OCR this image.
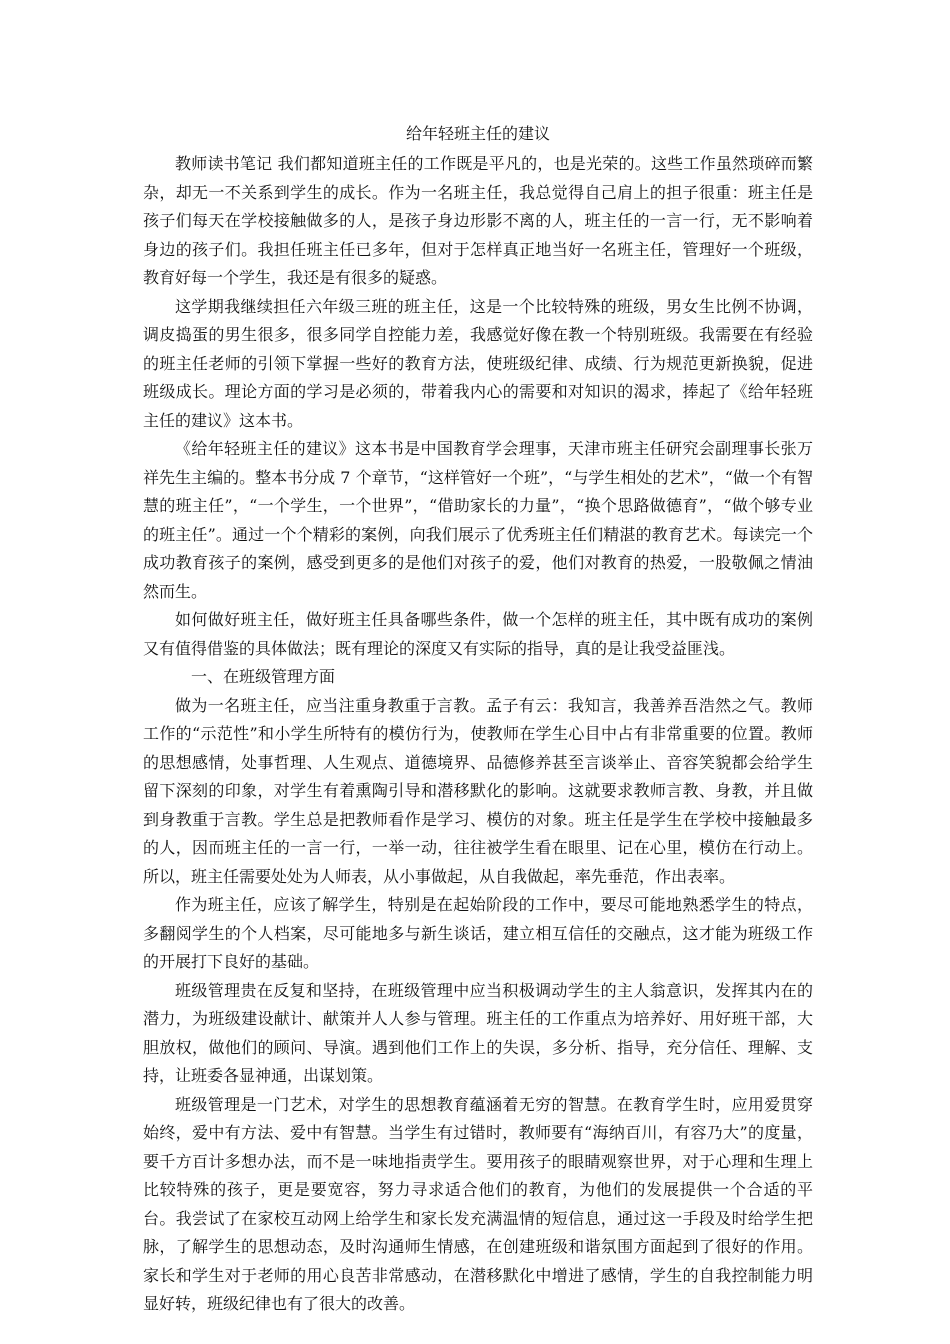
给年轻班主任的建议

教师读书笔记 我们都知道班主任的工作既是平凡的，也是光荣的。这些工作虽然琐碎而繁杂，却无一不关系到学生的成长。作为一名班主任，我总觉得自己肩上的担子很重：班主任是孩子们每天在学校接触做多的人，是孩子身边形影不离的人，班主任的一言一行，无不影响着身边的孩子们。我担任班主任已多年，但对于怎样真正地当好一名班主任，管理好一个班级，教育好每一个学生，我还是有很多的疑惑。

这学期我继续担任六年级三班的班主任，这是一个比较特殊的班级，男女生比例不协调，调皮捣蛋的男生很多，很多同学自控能力差，我感觉好像在教一个特别班级。我需要在有经验的班主任老师的引领下掌握一些好的教育方法，使班级纪律、成绩、行为规范更新换貌，促进班级成长。理论方面的学习是必须的，带着我内心的需要和对知识的渴求，捧起了《给年轻班主任的建议》这本书。

《给年轻班主任的建议》这本书是中国教育学会理事，天津市班主任研究会副理事长张万祥先生主编的。整本书分成 7 个章节，“这样管好一个班”，“与学生相处的艺术”，“做一个有智慧的班主任”，“一个学生，一个世界”，“借助家长的力量”，“换个思路做德育”，“做个够专业的班主任”。通过一个个精彩的案例，向我们展示了优秀班主任们精湛的教育艺术。每读完一个成功教育孩子的案例，感受到更多的是他们对孩子的爱，他们对教育的热爱，一股敬佩之情油然而生。

如何做好班主任，做好班主任具备哪些条件，做一个怎样的班主任，其中既有成功的案例又有值得借鉴的具体做法；既有理论的深度又有实际的指导，真的是让我受益匪浅。

一、在班级管理方面

做为一名班主任，应当注重身教重于言教。孟子有云：我知言，我善养吾浩然之气。教师工作的“示范性”和小学生所特有的模仿行为，使教师在学生心目中占有非常重要的位置。教师的思想感情，处事哲理、人生观点、道德境界、品德修养甚至言谈举止、音容笑貌都会给学生留下深刻的印象，对学生有着熏陶引导和潜移默化的影响。这就要求教师言教、身教，并且做到身教重于言教。学生总是把教师看作是学习、模仿的对象。班主任是学生在学校中接触最多的人，因而班主任的一言一行，一举一动，往往被学生看在眼里、记在心里，模仿在行动上。所以，班主任需要处处为人师表，从小事做起，从自我做起，率先垂范，作出表率。

作为班主任，应该了解学生，特别是在起始阶段的工作中，要尽可能地熟悉学生的特点，多翻阅学生的个人档案，尽可能地多与新生谈话，建立相互信任的交融点，这才能为班级工作的开展打下良好的基础。

班级管理贵在反复和坚持，在班级管理中应当积极调动学生的主人翁意识，发挥其内在的潜力，为班级建设献计、献策并人人参与管理。班主任的工作重点为培养好、用好班干部，大胆放权，做他们的顾问、导演。遇到他们工作上的失误，多分析、指导，充分信任、理解、支持，让班委各显神通，出谋划策。

班级管理是一门艺术，对学生的思想教育蕴涵着无穷的智慧。在教育学生时，应用爱贯穿始终，爱中有方法、爱中有智慧。当学生有过错时，教师要有“海纳百川，有容乃大”的度量，要千方百计多想办法，而不是一味地指责学生。要用孩子的眼睛观察世界，对于心理和生理上比较特殊的孩子，更是要宽容，努力寻求适合他们的教育，为他们的发展提供一个合适的平台。我尝试了在家校互动网上给学生和家长发充满温情的短信息，通过这一手段及时给学生把脉，了解学生的思想动态，及时沟通师生情感，在创建班级和谐氛围方面起到了很好的作用。家长和学生对于老师的用心良苦非常感动，在潜移默化中增进了感情，学生的自我控制能力明显好转，班级纪律也有了很大的改善。
